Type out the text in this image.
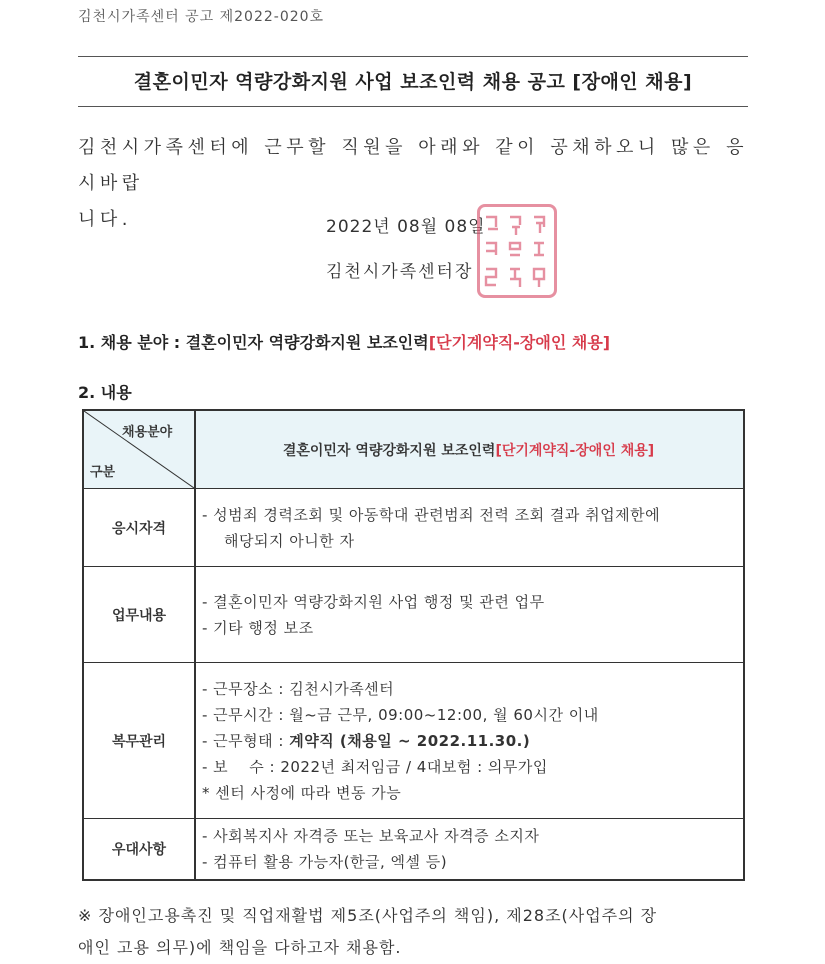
김천시가족센터 공고 제2022-020호
결혼이민자 역량강화지원 사업 보조인력 채용 공고 [장애인 채용]
김천시가족센터에 근무할 직원을 아래와 같이 공채하오니 많은 응시바랍
니다.	2022년 08월 08일
김천시가족센터장
1. 채용 분야 : 결혼이민자 역량강화지원 보조인력[단기계약직-장애인 채용]
2. 내용
채용분야
구분
결혼이민자 역량강화지원 보조인력[단기계약직-장애인 채용]
응시자격
- 성범죄 경력조회 및 아동학대 관련범죄 전력 조회 결과 취업제한에
해당되지 아니한 자
업무내용
- 결혼이민자 역량강화지원 사업 행정 및 관련 업무
- 기타 행정 보조
복무관리
- 근무장소 : 김천시가족센터
- 근무시간 : 월~금 근무, 09:00~12:00, 월 60시간 이내
- 근무형태 : 계약직 (채용일 ~ 2022.11.30.)
- 보    수 : 2022년 최저임금 / 4대보험 : 의무가입
* 센터 사정에 따라 변동 가능
우대사항
- 사회복지사 자격증 또는 보육교사 자격증 소지자
- 컴퓨터 활용 가능자(한글, 엑셀 등)
※ 장애인고용촉진 및 직업재활법 제5조(사업주의 책임), 제28조(사업주의 장
애인 고용 의무)에 책임을 다하고자 채용함.
